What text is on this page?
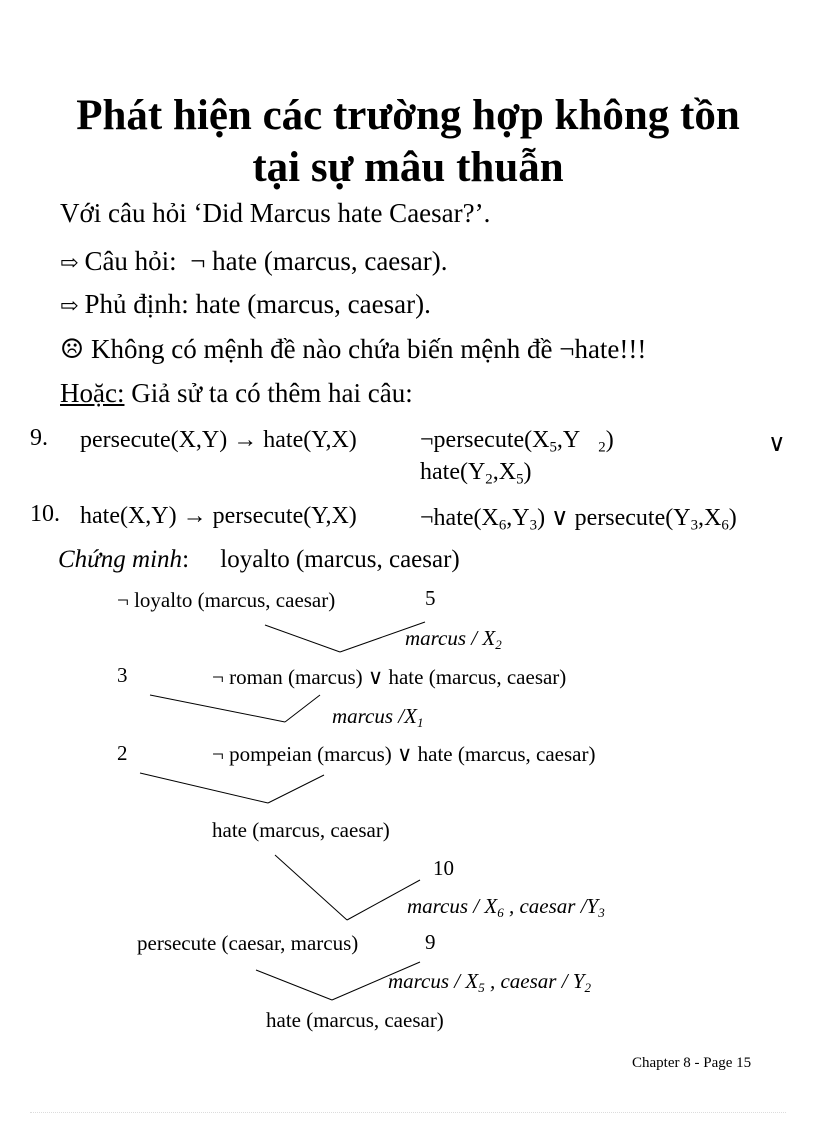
Phát hiện các trường hợp không tồn
tại sự mâu thuẫn
Với câu hỏi ‘Did Marcus hate Caesar?’.
⇨ Câu hỏi: ¬ hate (marcus, caesar).
⇨ Phủ định: hate (marcus, caesar).
☹ Không có mệnh đề nào chứa biến mệnh đề ¬hate!!!
Hoặc: Giả sử ta có thêm hai câu:
9. persecute(X,Y) → hate(Y,X)	$\neg persecute(X_5,Y$ $_2$)	∨
$hate(Y_2,X_5)$
10. hate(X,Y) → persecute(Y,X)	$\neg hate(X_6,Y_3)$ ∨ $persecute(Y_3,X_6)$
Chứng minh: loyalto (marcus, caesar)
¬ loyalto (marcus, caesar)	5
marcus / $X_2$
3	¬ roman (marcus) ∨ hate (marcus, caesar)
marcus $/X_1$
2	¬ pompeian (marcus) ∨ hate (marcus, caesar)
hate (marcus, caesar)
10
marcus / $X_6$ , caesar $/Y_3$
persecute (caesar, marcus)	9
marcus / $X_5$ , caesar / $Y_2$
hate (marcus, caesar)
Chapter 8 - Page 15
